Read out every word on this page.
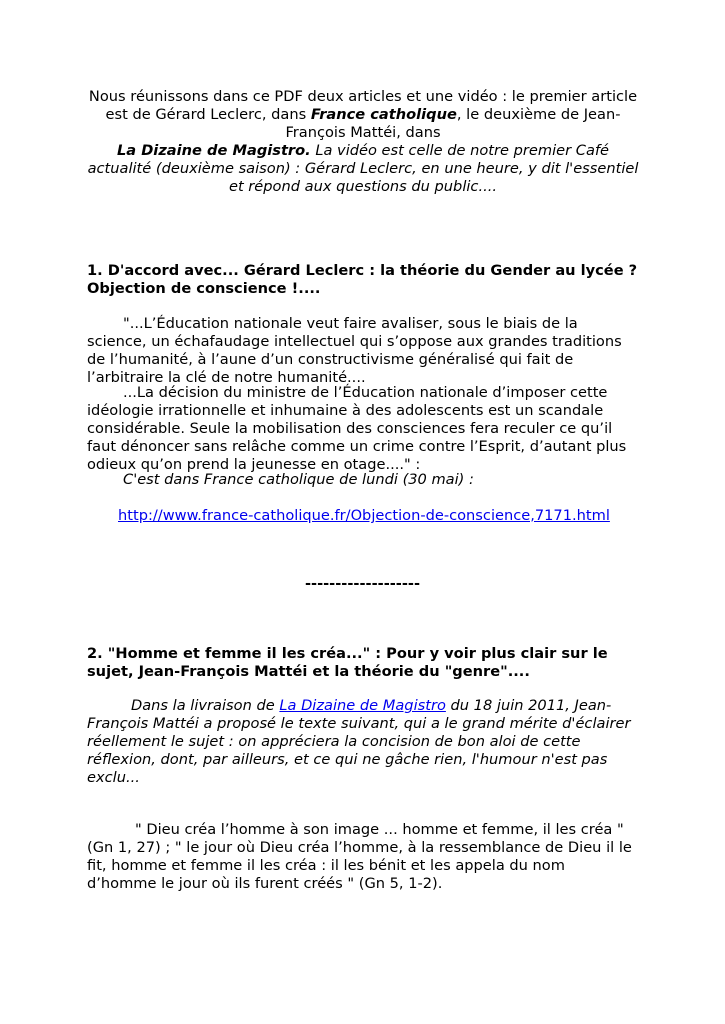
Nous réunissons dans ce PDF deux articles et une vidéo : le premier article est de Gérard Leclerc, dans France catholique, le deuxième de Jean-François Mattéi, dans
La Dizaine de Magistro. La vidéo est celle de notre premier Café actualité (deuxième saison) : Gérard Leclerc, en une heure, y dit l'essentiel et répond aux questions du public....

1. D'accord avec... Gérard Leclerc : la théorie du Gender au lycée ? Objection de conscience !....

"...L’Éducation nationale veut faire avaliser, sous le biais de la science, un échafaudage intellectuel qui s’oppose aux grandes traditions de l’humanité, à l’aune d’un constructivisme généralisé qui fait de l’arbitraire la clé de notre humanité....

...La décision du ministre de l’Éducation nationale d’imposer cette idéologie irrationnelle et inhumaine à des adolescents est un scandale considérable. Seule la mobilisation des consciences fera reculer ce qu’il faut dénoncer sans relâche comme un crime contre l’Esprit, d’autant plus odieux qu’on prend la jeunesse en otage...." :

C'est dans France catholique de lundi (30 mai) :

http://www.france-catholique.fr/Objection-de-conscience,7171.html

-------------------

2. "Homme et femme il les créa..." : Pour y voir plus clair sur le sujet, Jean-François Mattéi et la théorie du "genre"....

Dans la livraison de La Dizaine de Magistro du 18 juin 2011, Jean-François Mattéi a proposé le texte suivant, qui a le grand mérite d'éclairer réellement le sujet : on appréciera la concision de bon aloi de cette réflexion, dont, par ailleurs, et ce qui ne gâche rien, l'humour n'est pas exclu...

" Dieu créa l’homme à son image ... homme et femme, il les créa " (Gn 1, 27) ; " le jour où Dieu créa l’homme, à la ressemblance de Dieu il le fit, homme et femme il les créa : il les bénit et les appela du nom d’homme le jour où ils furent créés " (Gn 5, 1-2).
